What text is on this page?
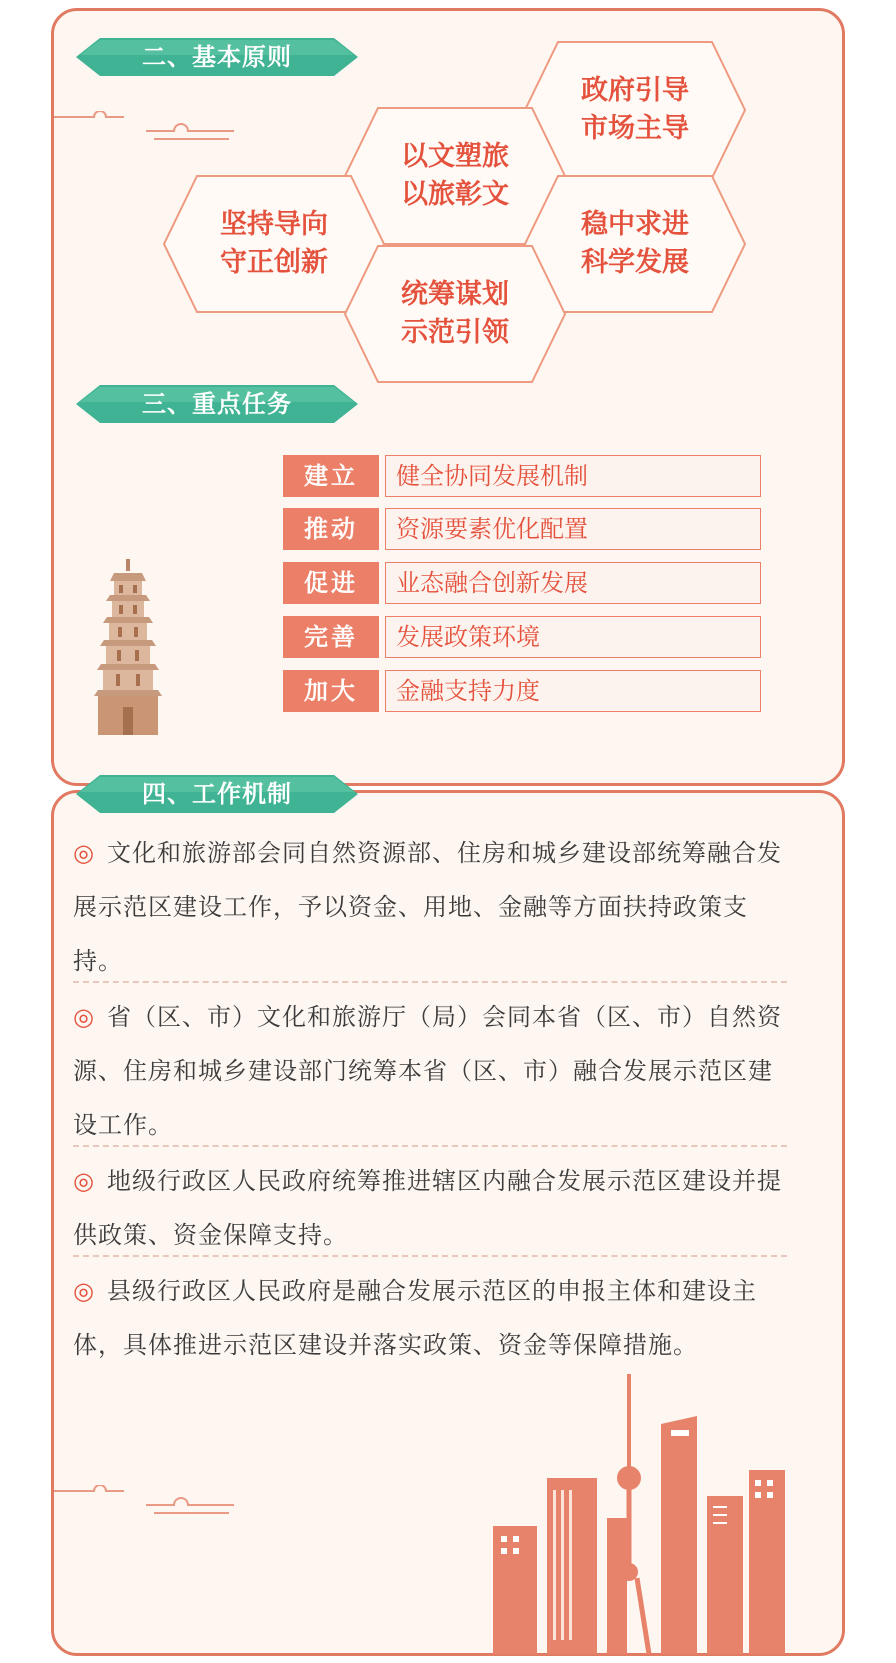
二、基本原则
政府引导
市场主导
以文塑旅
以旅彰文
坚持导向
守正创新
稳中求进
科学发展
统筹谋划
示范引领
三、重点任务
建立	健全协同发展机制
推动	资源要素优化配置
促进	业态融合创新发展
完善	发展政策环境
加大	金融支持力度
四、工作机制
◎ 文化和旅游部会同自然资源部、住房和城乡建设部统筹融合发展示范区建设工作，予以资金、用地、金融等方面扶持政策支持。
◎ 省（区、市）文化和旅游厅（局）会同本省（区、市）自然资源、住房和城乡建设部门统筹本省（区、市）融合发展示范区建设工作。
◎ 地级行政区人民政府统筹推进辖区内融合发展示范区建设并提供政策、资金保障支持。
◎ 县级行政区人民政府是融合发展示范区的申报主体和建设主体，具体推进示范区建设并落实政策、资金等保障措施。
